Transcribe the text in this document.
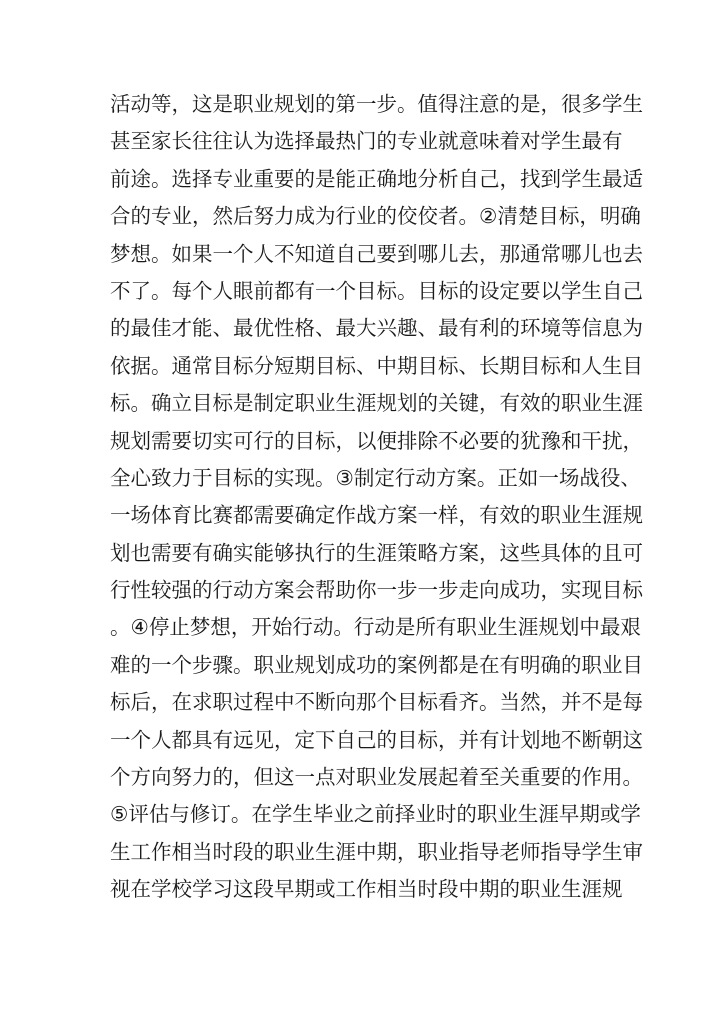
活动等，这是职业规划的第一步。值得注意的是，很多学生
甚至家长往往认为选择最热门的专业就意味着对学生最有
前途。选择专业重要的是能正确地分析自己，找到学生最适
合的专业，然后努力成为行业的佼佼者。②清楚目标，明确
梦想。如果一个人不知道自己要到哪儿去，那通常哪儿也去
不了。每个人眼前都有一个目标。目标的设定要以学生自己
的最佳才能、最优性格、最大兴趣、最有利的环境等信息为
依据。通常目标分短期目标、中期目标、长期目标和人生目
标。确立目标是制定职业生涯规划的关键，有效的职业生涯
规划需要切实可行的目标，以便排除不必要的犹豫和干扰，
全心致力于目标的实现。③制定行动方案。正如一场战役、
一场体育比赛都需要确定作战方案一样，有效的职业生涯规
划也需要有确实能够执行的生涯策略方案，这些具体的且可
行性较强的行动方案会帮助你一步一步走向成功，实现目标
。④停止梦想，开始行动。行动是所有职业生涯规划中最艰
难的一个步骤。职业规划成功的案例都是在有明确的职业目
标后，在求职过程中不断向那个目标看齐。当然，并不是每
一个人都具有远见，定下自己的目标，并有计划地不断朝这
个方向努力的，但这一点对职业发展起着至关重要的作用。
⑤评估与修订。在学生毕业之前择业时的职业生涯早期或学
生工作相当时段的职业生涯中期，职业指导老师指导学生审
视在学校学习这段早期或工作相当时段中期的职业生涯规
